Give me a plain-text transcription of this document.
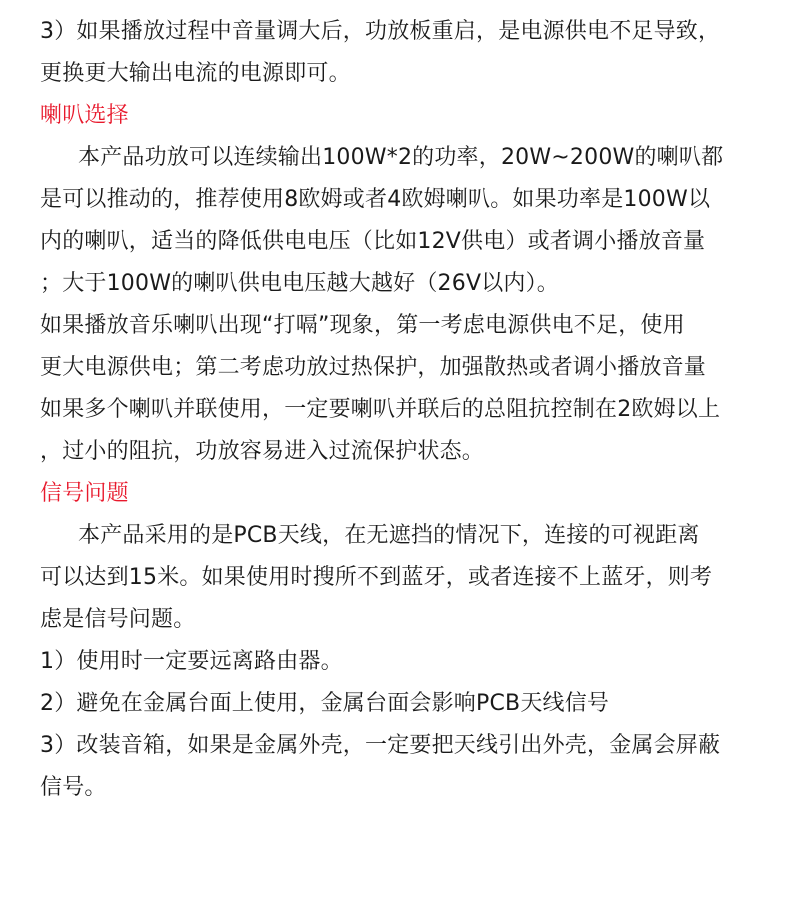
3）如果播放过程中音量调大后，功放板重启，是电源供电不足导致，
更换更大输出电流的电源即可。
喇叭选择
本产品功放可以连续输出100W*2的功率，20W~200W的喇叭都
是可以推动的，推荐使用8欧姆或者4欧姆喇叭。如果功率是100W以
内的喇叭，适当的降低供电电压（比如12V供电）或者调小播放音量
；大于100W的喇叭供电电压越大越好（26V以内）。
如果播放音乐喇叭出现“打嗝”现象，第一考虑电源供电不足，使用
更大电源供电；第二考虑功放过热保护，加强散热或者调小播放音量
如果多个喇叭并联使用，一定要喇叭并联后的总阻抗控制在2欧姆以上
，过小的阻抗，功放容易进入过流保护状态。
信号问题
本产品采用的是PCB天线，在无遮挡的情况下，连接的可视距离
可以达到15米。如果使用时搜所不到蓝牙，或者连接不上蓝牙，则考
虑是信号问题。
1）使用时一定要远离路由器。
2）避免在金属台面上使用，金属台面会影响PCB天线信号
3）改装音箱，如果是金属外壳，一定要把天线引出外壳，金属会屏蔽
信号。
